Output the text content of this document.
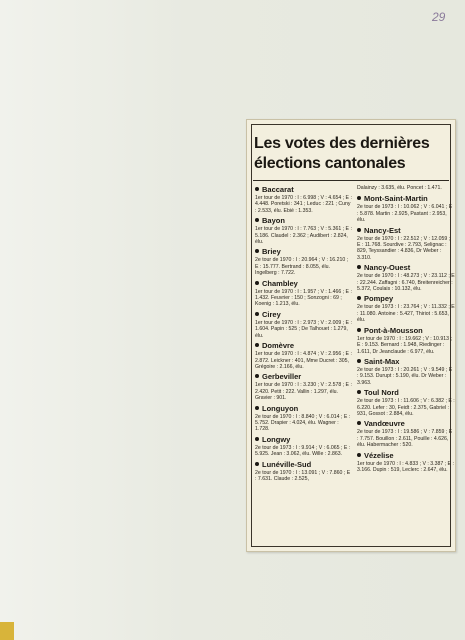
29
Les votes des dernières élections cantonales
Baccarat
1er tour de 1970 : I : 6.998 ; V : 4.654 ; E : 4.448. Poretski : 341 ; Leduc : 221 ; Cuny : 2.533, élu. Ebié : 1.353.
Bayon
1er tour de 1970 : I : 7.763 ; V : 5.361 ; E : 5.186. Claudel : 2.362 ; Audibert : 2.824, élu.
Briey
2e tour de 1970 : I : 20.964 ; V : 16.210 ; E : 15.777. Bertrand : 8.055, élu. Ingelberg : 7.722.
Chambley
1er tour de 1970 : I : 1.957 ; V : 1.466 ; E : 1.432. Feuvrier : 150 ; Sonzogni : 69 ; Koenig : 1.213, élu.
Cirey
1er tour de 1970 : I : 2.973 ; V : 2.009 ; E : 1.604. Papin : 525 ; De Talhouet : 1.279, élu.
Domèvre
1er tour de 1970 : I : 4.874 ; V : 2.956 ; E : 2.872. Leickner : 401, Mme Ducret : 305, Grégoire : 2.166, élu.
Gerbeviller
1er tour de 1970 : I : 3.230 ; V : 2.578 ; E : 2.420. Petit : 222. Vallin : 1.297, élu. Gravier : 901.
Longuyon
2e tour de 1970 : I : 8.840 ; V : 6.014 ; E : 5.752. Drapier : 4.024, élu. Wagner : 1.728.
Longwy
2e tour de 1973 : I : 9.914 ; V : 6.065 ; E : 5.925. Jean : 3.062, élu. Wille : 2.863.
Lunéville-Sud
2e tour de 1970 : I : 13.091 ; V : 7.860 ; E : 7.631. Claude : 2.525,
Dalainzy : 3.635, élu. Poncet : 1.471.
Mont-Saint-Martin
2e tour de 1973 : I : 10.062 ; V : 6.041 ; E : 5.878. Martin : 2.925, Pastant : 2.953, élu.
Nancy-Est
2e tour de 1970 : I : 22.512 ; V : 12.059 ; E : 11.768. Sourdive : 2.793, Selignac : 829, Teyssandier : 4.836, Dr Weber : 3.310.
Nancy-Ouest
2e tour de 1970 : I : 48.273 ; V : 23.112 ; E : 22.244. Zaffagni : 6.740, Breitenreicher : 5.372, Coulais : 10.132, élu.
Pompey
2e tour de 1973 : I : 23.764 ; V : 11.332 ; E : 11.080. Antoine : 5.427, Thiriot : 5.653, élu.
Pont-à-Mousson
1er tour de 1970 : I : 19.662 ; V : 10.913 ; E : 9.153. Bernard : 1.948, Riedinger : 1.611, Dr Jeanclaude : 6.977, élu.
Saint-Max
2e tour de 1973 : I : 20.261 ; V : 9.549 ; E : 9.153. Durupt : 5.190, élu. Dr Weber : 3.963.
Toul Nord
2e tour de 1973 : I : 11.606 ; V : 6.382 ; E : 6.220. Lefer : 30, Feidt : 2.375, Gabriel : 931, Gossot : 2.884, élu.
Vandœuvre
2e tour de 1973 : I : 19.586 ; V : 7.859 ; E : 7.757. Bouillon : 2.611, Pouille : 4.626, élu. Habermacher : 520.
Vézelise
1er tour de 1970 : I : 4.833 ; V : 3.387 ; E : 3.166. Dupin : 519, Leclerc : 2.647, élu.
